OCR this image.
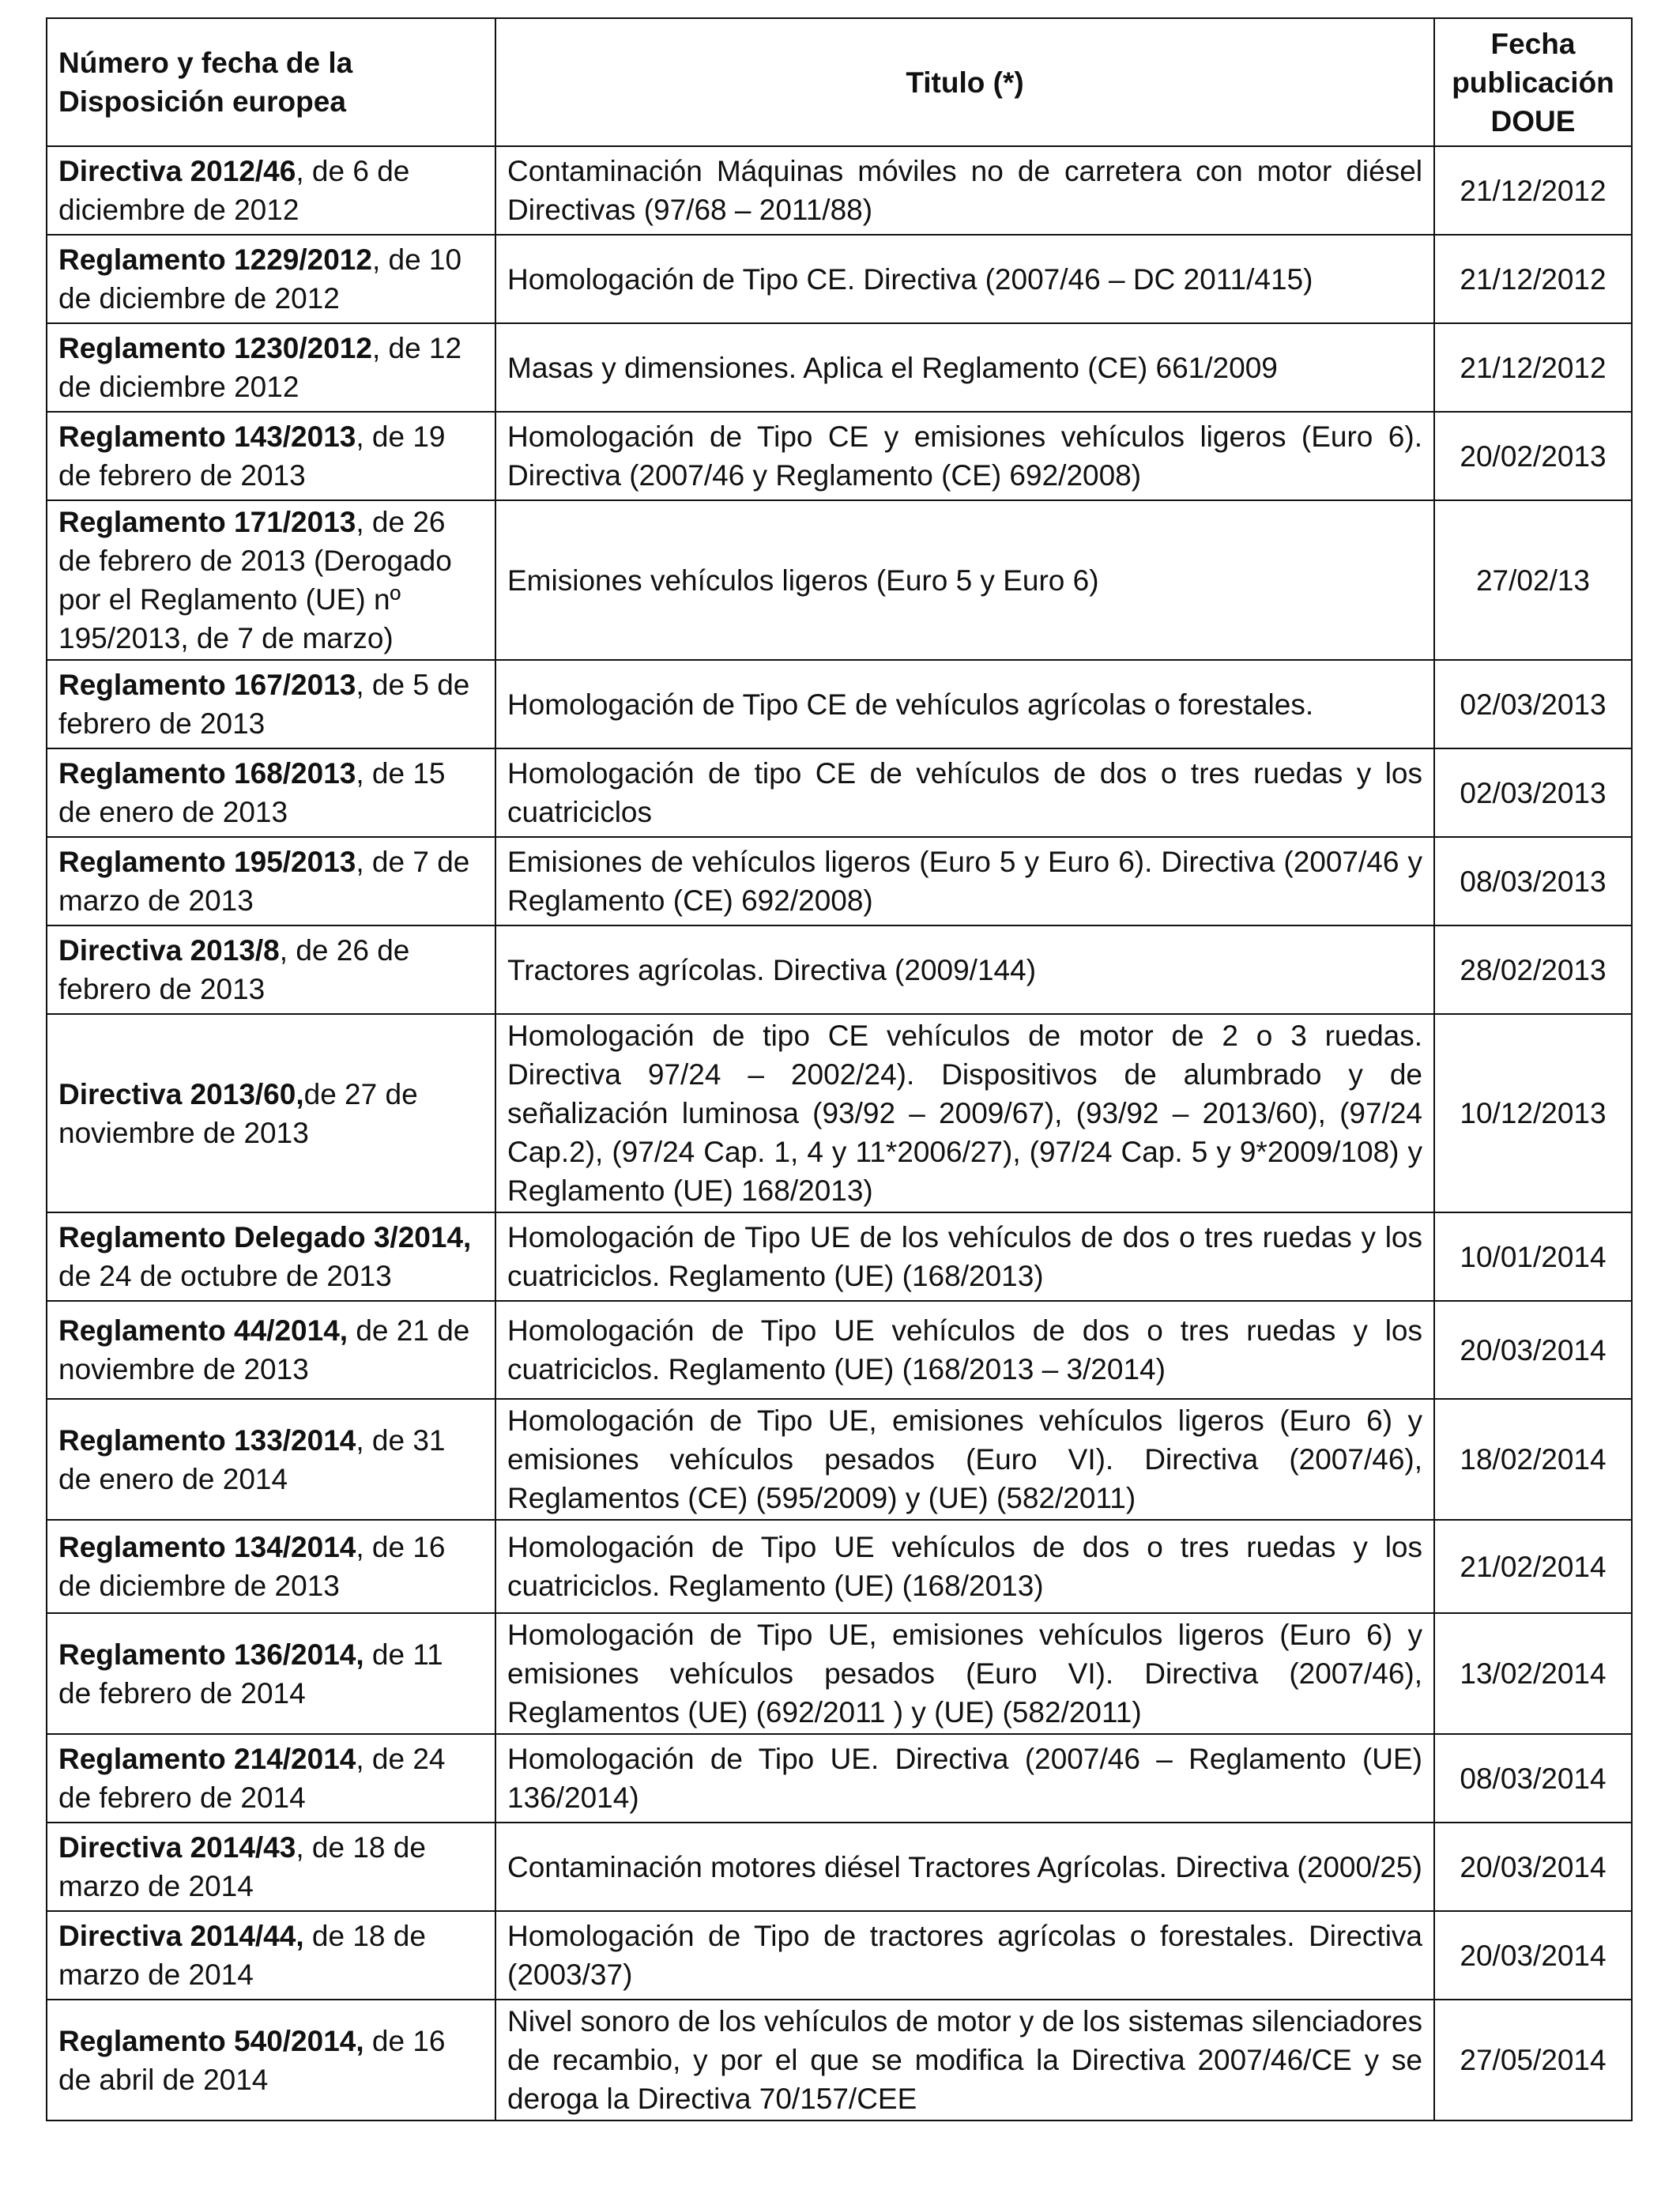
Número y fecha de la Disposición europea	Titulo (*)	Fecha publicación DOUE
Directiva 2012/46, de 6 de diciembre de 2012	Contaminación Máquinas móviles no de carretera con motor diésel Directivas (97/68 – 2011/88)	21/12/2012
Reglamento 1229/2012, de 10 de diciembre de 2012	Homologación de Tipo CE. Directiva (2007/46 – DC 2011/415)	21/12/2012
Reglamento 1230/2012, de 12 de diciembre 2012	Masas y dimensiones. Aplica el Reglamento (CE) 661/2009	21/12/2012
Reglamento 143/2013, de 19 de febrero de 2013	Homologación de Tipo CE y emisiones vehículos ligeros (Euro 6). Directiva (2007/46 y Reglamento (CE) 692/2008)	20/02/2013
Reglamento 171/2013, de 26 de febrero de 2013 (Derogado por el Reglamento (UE) nº 195/2013, de 7 de marzo)	Emisiones vehículos ligeros (Euro 5 y Euro 6)	27/02/13
Reglamento 167/2013, de 5 de febrero de 2013	Homologación de Tipo CE de vehículos agrícolas o forestales.	02/03/2013
Reglamento 168/2013, de 15 de enero de 2013	Homologación de tipo CE de vehículos de dos o tres ruedas y los cuatriciclos	02/03/2013
Reglamento 195/2013, de 7 de marzo de 2013	Emisiones de vehículos ligeros (Euro 5 y Euro 6). Directiva (2007/46 y Reglamento (CE) 692/2008)	08/03/2013
Directiva 2013/8, de 26 de febrero de 2013	Tractores agrícolas. Directiva (2009/144)	28/02/2013
Directiva 2013/60,de 27 de noviembre de 2013	Homologación de tipo CE vehículos de motor de 2 o 3 ruedas. Directiva 97/24 – 2002/24). Dispositivos de alumbrado y de señalización luminosa (93/92 – 2009/67), (93/92 – 2013/60), (97/24 Cap.2), (97/24 Cap. 1, 4 y 11*2006/27), (97/24 Cap. 5 y 9*2009/108) y Reglamento (UE) 168/2013)	10/12/2013
Reglamento Delegado 3/2014, de 24 de octubre de 2013	Homologación de Tipo UE de los vehículos de dos o tres ruedas y los cuatriciclos. Reglamento (UE) (168/2013)	10/01/2014
Reglamento 44/2014, de 21 de noviembre de 2013	Homologación de Tipo UE vehículos de dos o tres ruedas y los cuatriciclos. Reglamento (UE) (168/2013 – 3/2014)	20/03/2014
Reglamento 133/2014, de 31 de enero de 2014	Homologación de Tipo UE, emisiones vehículos ligeros (Euro 6) y emisiones vehículos pesados (Euro VI). Directiva (2007/46), Reglamentos (CE) (595/2009) y (UE) (582/2011)	18/02/2014
Reglamento 134/2014, de 16 de diciembre de 2013	Homologación de Tipo UE vehículos de dos o tres ruedas y los cuatriciclos. Reglamento (UE) (168/2013)	21/02/2014
Reglamento 136/2014, de 11 de febrero de 2014	Homologación de Tipo UE, emisiones vehículos ligeros (Euro 6) y emisiones vehículos pesados (Euro VI). Directiva (2007/46), Reglamentos (UE) (692/2011 ) y (UE) (582/2011)	13/02/2014
Reglamento 214/2014, de 24 de febrero de 2014	Homologación de Tipo UE. Directiva (2007/46 – Reglamento (UE) 136/2014)	08/03/2014
Directiva 2014/43, de 18 de marzo de 2014	Contaminación motores diésel Tractores Agrícolas. Directiva (2000/25)	20/03/2014
Directiva 2014/44, de 18 de marzo de 2014	Homologación de Tipo de tractores agrícolas o forestales. Directiva (2003/37)	20/03/2014
Reglamento 540/2014, de 16 de abril de 2014	Nivel sonoro de los vehículos de motor y de los sistemas silenciadores de recambio, y por el que se modifica la Directiva 2007/46/CE y se deroga la Directiva 70/157/CEE	27/05/2014
